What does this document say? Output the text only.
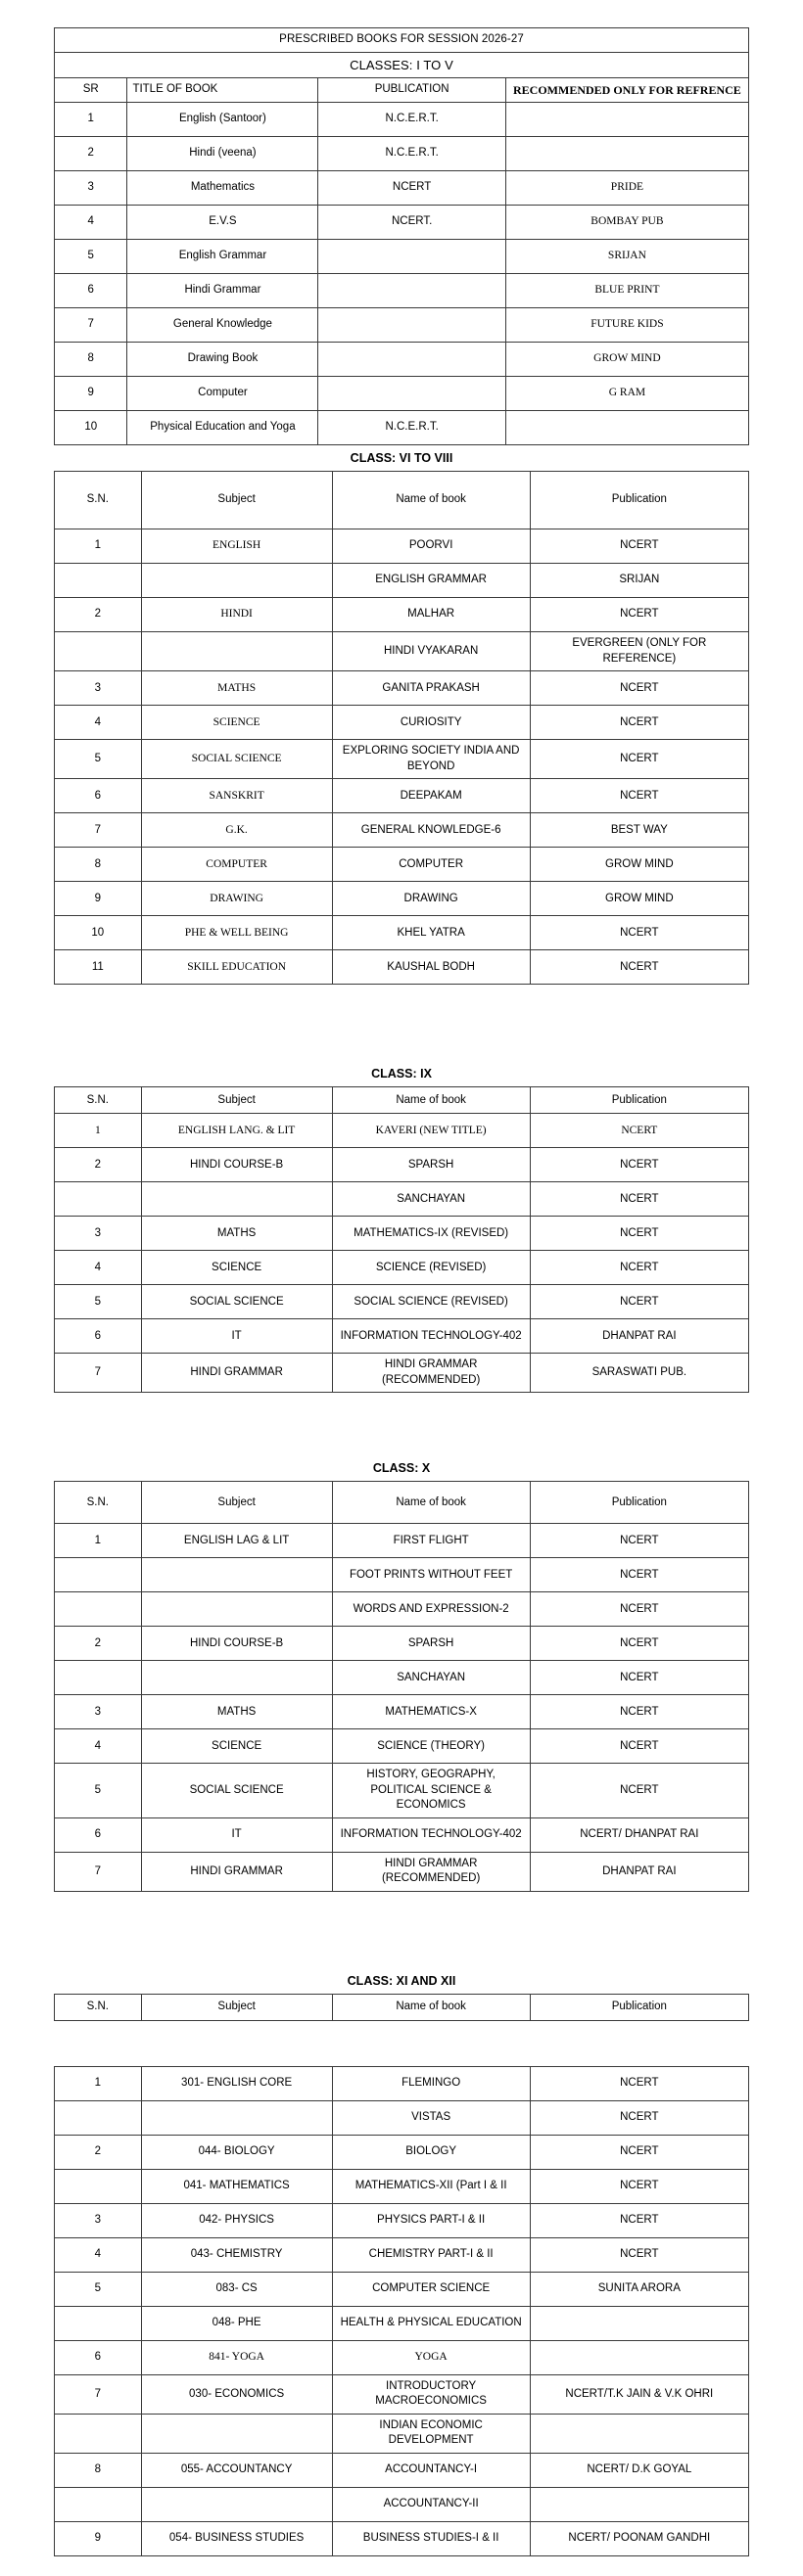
PRESCRIBED BOOKS FOR SESSION 2026-27			
CLASSES: I TO V			
SR	TITLE OF BOOK	PUBLICATION	RECOMMENDED ONLY FOR REFRENCE
1	English (Santoor)	N.C.E.R.T.	
2	Hindi (veena)	N.C.E.R.T.	
3	Mathematics	NCERT	PRIDE
4	E.V.S	NCERT.	BOMBAY PUB
5	English Grammar		SRIJAN
6	Hindi Grammar		BLUE PRINT
7	General Knowledge		FUTURE KIDS
8	Drawing Book		GROW MIND
9	Computer		G RAM
10	Physical Education and Yoga	N.C.E.R.T.	
CLASS: VI TO VIII
S.N.	Subject	Name of book	Publication
1	ENGLISH	POORVI	NCERT
		ENGLISH GRAMMAR	SRIJAN
2	HINDI	MALHAR	NCERT
		HINDI VYAKARAN	EVERGREEN (ONLY FOR REFERENCE)
3	MATHS	GANITA PRAKASH	NCERT
4	SCIENCE	CURIOSITY	NCERT
5	SOCIAL SCIENCE	EXPLORING SOCIETY INDIA AND BEYOND	NCERT
6	SANSKRIT	DEEPAKAM	NCERT
7	G.K.	GENERAL KNOWLEDGE-6	BEST WAY
8	COMPUTER	COMPUTER	GROW MIND
9	DRAWING	DRAWING	GROW MIND
10	PHE & WELL BEING	KHEL YATRA	NCERT
11	SKILL EDUCATION	KAUSHAL BODH	NCERT
CLASS: IX
S.N.	Subject	Name of book	Publication
1	ENGLISH LANG. & LIT	KAVERI (NEW TITLE)	NCERT
2	HINDI COURSE-B	SPARSH	NCERT
		SANCHAYAN	NCERT
3	MATHS	MATHEMATICS-IX (REVISED)	NCERT
4	SCIENCE	SCIENCE (REVISED)	NCERT
5	SOCIAL SCIENCE	SOCIAL SCIENCE (REVISED)	NCERT
6	IT	INFORMATION TECHNOLOGY-402	DHANPAT RAI
7	HINDI GRAMMAR	HINDI GRAMMAR (RECOMMENDED)	SARASWATI PUB.
CLASS: X
S.N.	Subject	Name of book	Publication
1	ENGLISH LAG & LIT	FIRST FLIGHT	NCERT
		FOOT PRINTS WITHOUT FEET	NCERT
		WORDS AND EXPRESSION-2	NCERT
2	HINDI COURSE-B	SPARSH	NCERT
		SANCHAYAN	NCERT
3	MATHS	MATHEMATICS-X	NCERT
4	SCIENCE	SCIENCE (THEORY)	NCERT
5	SOCIAL SCIENCE	HISTORY, GEOGRAPHY, POLITICAL SCIENCE & ECONOMICS	NCERT
6	IT	INFORMATION TECHNOLOGY-402	NCERT/ DHANPAT RAI
7	HINDI GRAMMAR	HINDI GRAMMAR (RECOMMENDED)	DHANPAT RAI
CLASS: XI AND XII
S.N.	Subject	Name of book	Publication
1	301- ENGLISH CORE	FLEMINGO	NCERT
		VISTAS	NCERT
2	044- BIOLOGY	BIOLOGY	NCERT
	041- MATHEMATICS	MATHEMATICS-XII (Part I & II	NCERT
3	042- PHYSICS	PHYSICS PART-I & II	NCERT
4	043- CHEMISTRY	CHEMISTRY PART-I & II	NCERT
5	083- CS	COMPUTER SCIENCE	SUNITA ARORA
	048- PHE	HEALTH & PHYSICAL EDUCATION	
6	841- YOGA	YOGA	
7	030- ECONOMICS	INTRODUCTORY MACROECONOMICS	NCERT/T.K JAIN & V.K OHRI
		INDIAN ECONOMIC DEVELOPMENT	
8	055- ACCOUNTANCY	ACCOUNTANCY-I	NCERT/ D.K GOYAL
		ACCOUNTANCY-II	
9	054- BUSINESS STUDIES	BUSINESS STUDIES-I & II	NCERT/ POONAM GANDHI
